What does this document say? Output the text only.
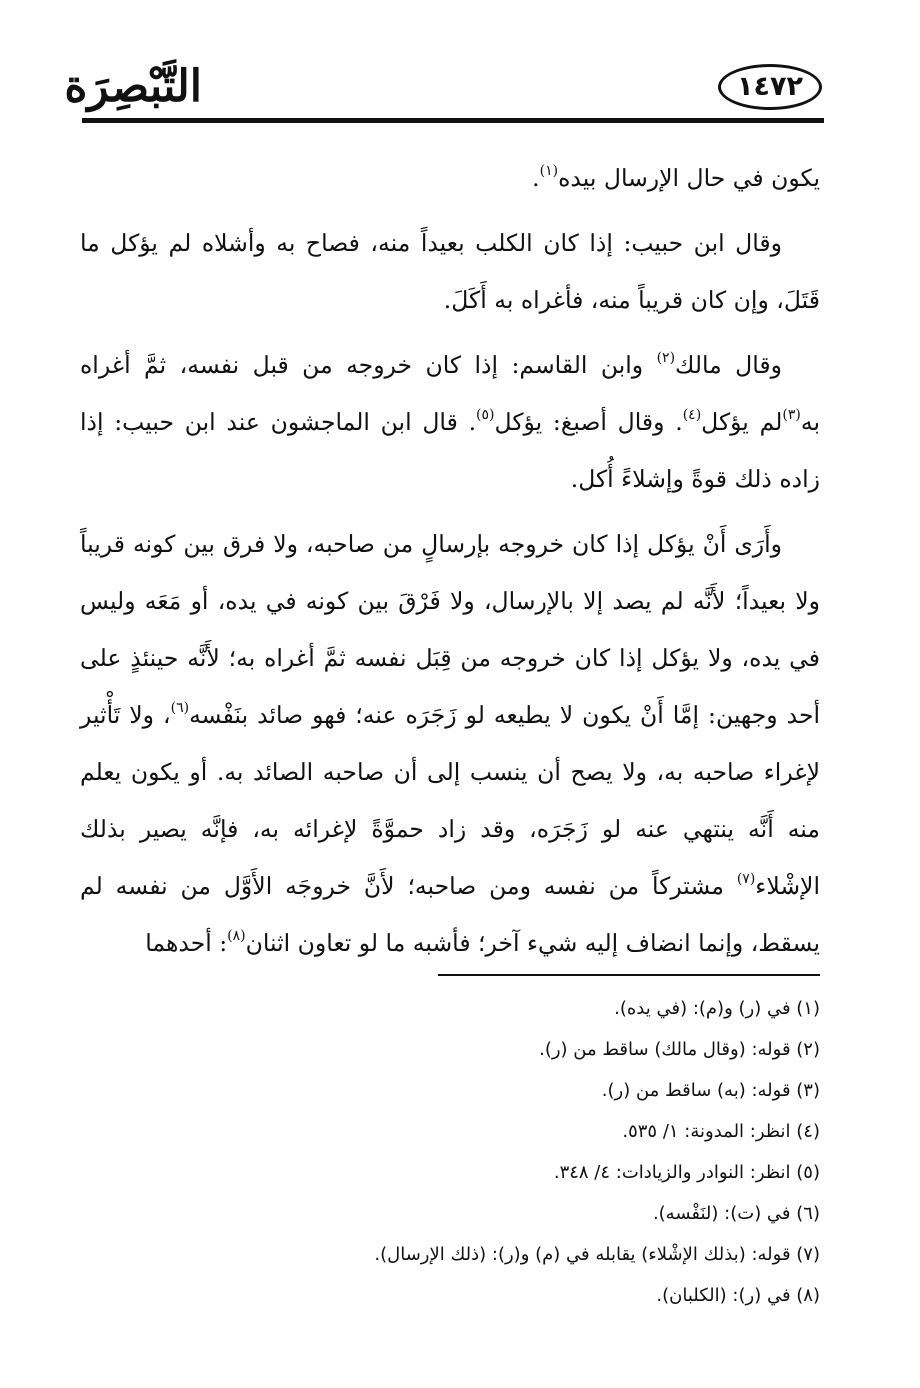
التَّبْصِرَة	١٤٧٢

يكون في حال الإرسال بيده$^{(١)}$.

وقال ابن حبيب: إذا كان الكلب بعيداً منه، فصاح به وأشلاه لم يؤكل ما قَتَلَ، وإن كان قريباً منه، فأغراه به أَكَلَ.

وقال مالك$^{(٢)}$ وابن القاسم: إذا كان خروجه من قبل نفسه، ثمَّ أغراه به$^{(٣)}$لم يؤكل$^{(٤)}$. وقال أصبغ: يؤكل$^{(٥)}$. قال ابن الماجشون عند ابن حبيب: إذا زاده ذلك قوةً وإشلاءً أُكل.

وأَرَى أَنْ يؤكل إذا كان خروجه بإرسالٍ من صاحبه، ولا فرق بين كونه قريباً ولا بعيداً؛ لأَنَّه لم يصد إلا بالإرسال، ولا فَرْقَ بين كونه في يده، أو مَعَه وليس في يده، ولا يؤكل إذا كان خروجه من قِبَل نفسه ثمَّ أغراه به؛ لأَنَّه حينئذٍ على أحد وجهين: إمَّا أَنْ يكون لا يطيعه لو زَجَرَه عنه؛ فهو صائد بنَفْسه$^{(٦)}$، ولا تَأْثير لإغراء صاحبه به، ولا يصح أن ينسب إلى أن صاحبه الصائد به. أو يكون يعلم منه أَنَّه ينتهي عنه لو زَجَرَه، وقد زاد حموَّةً لإغرائه به، فإنَّه يصير بذلك الإشْلاء$^{(٧)}$ مشتركاً من نفسه ومن صاحبه؛ لأَنَّ خروجَه الأَوَّل من نفسه لم يسقط، وإنما انضاف إليه شيء آخر؛ فأشبه ما لو تعاون اثنان$^{(٨)}$: أحدهما

(١) في (ر) و(م): (في يده).
(٢) قوله: (وقال مالك) ساقط من (ر).
(٣) قوله: (به) ساقط من (ر).
(٤) انظر: المدونة: ١/ ٥٣٥.
(٥) انظر: النوادر والزيادات: ٤/ ٣٤٨.
(٦) في (ت): (لنَفْسه).
(٧) قوله: (بذلك الإشْلاء) يقابله في (م) و(ر): (ذلك الإرسال).
(٨) في (ر): (الكلبان).
